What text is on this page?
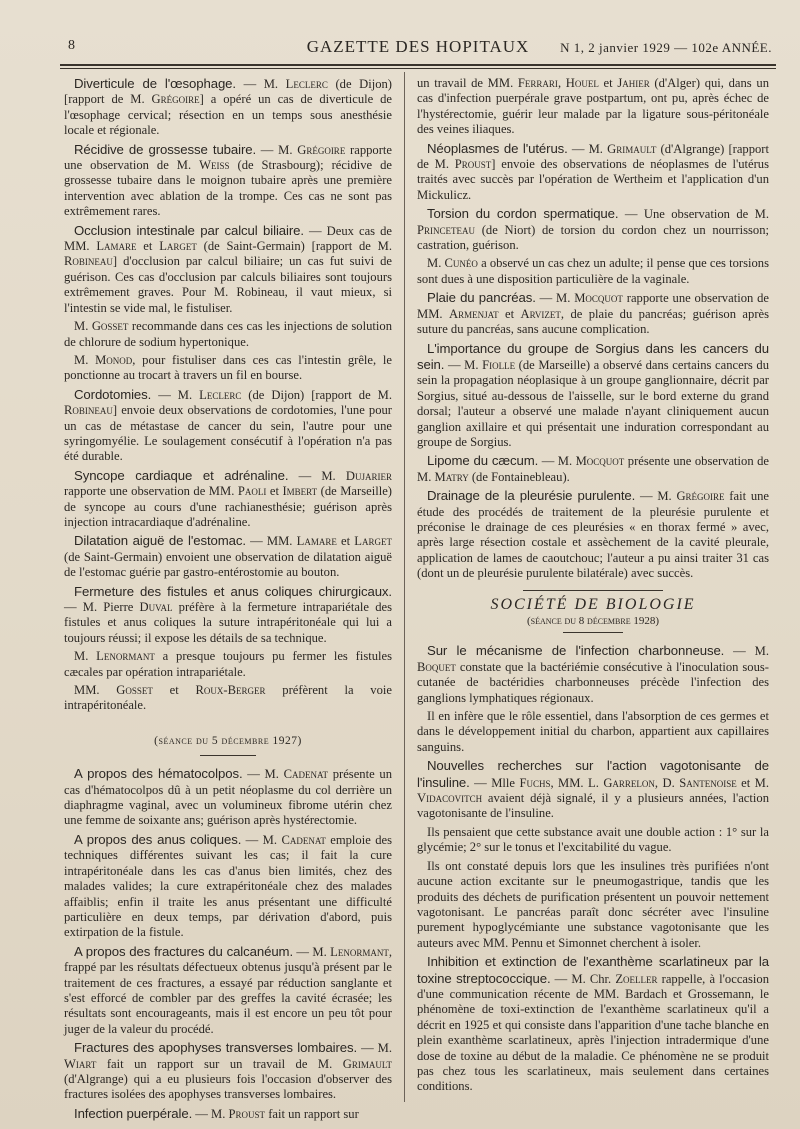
8	GAZETTE DES HOPITAUX	N 1, 2 janvier 1929 — 102e ANNÉE.

Diverticule de l'œsophage. — M. Leclerc (de Dijon) [rapport de M. Grégoire] a opéré un cas de diverticule de l'œsophage cervical; résection en un temps sous anesthésie locale et régionale.

Récidive de grossesse tubaire. — M. Grégoire rapporte une observation de M. Weiss (de Strasbourg); récidive de grossesse tubaire dans le moignon tubaire après une première intervention avec ablation de la trompe. Ces cas ne sont pas extrêmement rares.

Occlusion intestinale par calcul biliaire. — Deux cas de MM. Lamare et Larget (de Saint-Germain) [rapport de M. Robineau] d'occlusion par calcul biliaire; un cas fut suivi de guérison. Ces cas d'occlusion par calculs biliaires sont toujours extrêmement graves. Pour M. Robineau, il vaut mieux, si l'intestin se vide mal, le fistuliser.

M. Gosset recommande dans ces cas les injections de solution de chlorure de sodium hypertonique.

M. Monod, pour fistuliser dans ces cas l'intestin grêle, le ponctionne au trocart à travers un fil en bourse.

Cordotomies. — M. Leclerc (de Dijon) [rapport de M. Robineau] envoie deux observations de cordotomies, l'une pour un cas de métastase de cancer du sein, l'autre pour une syringomyélie. Le soulagement consécutif à l'opération n'a pas été durable.

Syncope cardiaque et adrénaline. — M. Dujarier rapporte une observation de MM. Paoli et Imbert (de Marseille) de syncope au cours d'une rachianesthésie; guérison après injection intracardiaque d'adrénaline.

Dilatation aiguë de l'estomac. — MM. Lamare et Larget (de Saint-Germain) envoient une observation de dilatation aiguë de l'estomac guérie par gastro-entérostomie au bouton.

Fermeture des fistules et anus coliques chirurgicaux. — M. Pierre Duval préfère à la fermeture intrapariétale des fistules et anus coliques la suture intrapéritonéale qui lui a toujours réussi; il expose les détails de sa technique.

M. Lenormant a presque toujours pu fermer les fistules cæcales par opération intrapariétale.

MM. Gosset et Roux-Berger préfèrent la voie intrapéritonéale.

(séance du 5 décembre 1927)

A propos des hématocolpos. — M. Cadenat présente un cas d'hématocolpos dû à un petit néoplasme du col derrière un diaphragme vaginal, avec un volumineux fibrome utérin chez une femme de soixante ans; guérison après hystérectomie.

A propos des anus coliques. — M. Cadenat emploie des techniques différentes suivant les cas; il fait la cure intrapéritonéale dans les cas d'anus bien limités, chez des malades valides; la cure extrapéritonéale chez des malades affaiblis; enfin il traite les anus présentant une difficulté particulière en deux temps, par dérivation d'abord, puis extirpation de la fistule.

A propos des fractures du calcanéum. — M. Lenormant, frappé par les résultats défectueux obtenus jusqu'à présent par le traitement de ces fractures, a essayé par réduction sanglante et s'est efforcé de combler par des greffes la cavité écrasée; les résultats sont encourageants, mais il est encore un peu tôt pour juger de la valeur du procédé.

Fractures des apophyses transverses lombaires. — M. Wiart fait un rapport sur un travail de M. Grimault (d'Algrange) qui a eu plusieurs fois l'occasion d'observer des fractures isolées des apophyses transverses lombaires.

Infection puerpérale. — M. Proust fait un rapport sur

un travail de MM. Ferrari, Houel et Jahier (d'Alger) qui, dans un cas d'infection puerpérale grave postpartum, ont pu, après échec de l'hystérectomie, guérir leur malade par la ligature sous-péritonéale des veines iliaques.

Néoplasmes de l'utérus. — M. Grimault (d'Algrange) [rapport de M. Proust] envoie des observations de néoplasmes de l'utérus traités avec succès par l'opération de Wertheim et l'application d'un Mickulicz.

Torsion du cordon spermatique. — Une observation de M. Princeteau (de Niort) de torsion du cordon chez un nourrisson; castration, guérison.

M. Cunéo a observé un cas chez un adulte; il pense que ces torsions sont dues à une disposition particulière de la vaginale.

Plaie du pancréas. — M. Mocquot rapporte une observation de MM. Armenjat et Arvizet, de plaie du pancréas; guérison après suture du pancréas, sans aucune complication.

L'importance du groupe de Sorgius dans les cancers du sein. — M. Fiolle (de Marseille) a observé dans certains cancers du sein la propagation néoplasique à un groupe ganglionnaire, décrit par Sorgius, situé au-dessous de l'aisselle, sur le bord externe du grand dorsal; l'auteur a observé une malade n'ayant cliniquement aucun ganglion axillaire et qui présentait une induration correspondant au groupe de Sorgius.

Lipome du cæcum. — M. Mocquot présente une observation de M. Matry (de Fontainebleau).

Drainage de la pleurésie purulente. — M. Grégoire fait une étude des procédés de traitement de la pleurésie purulente et préconise le drainage de ces pleurésies « en thorax fermé » avec, après large résection costale et assèchement de la cavité pleurale, application de lames de caoutchouc; l'auteur a pu ainsi traiter 31 cas (dont un de pleurésie purulente bilatérale) avec succès.

SOCIÉTÉ DE BIOLOGIE
(séance du 8 décembre 1928)

Sur le mécanisme de l'infection charbonneuse. — M. Boquet constate que la bactériémie consécutive à l'inoculation sous-cutanée de bactéridies charbonneuses précède l'infection des ganglions lymphatiques régionaux.

Il en infère que le rôle essentiel, dans l'absorption de ces germes et dans le développement initial du charbon, appartient aux capillaires sanguins.

Nouvelles recherches sur l'action vagotonisante de l'insuline. — Mlle Fuchs, MM. L. Garrelon, D. Santenoise et M. Vidacovitch avaient déjà signalé, il y a plusieurs années, l'action vagotonisante de l'insuline.

Ils pensaient que cette substance avait une double action : 1° sur la glycémie; 2° sur le tonus et l'excitabilité du vague.

Ils ont constaté depuis lors que les insulines très purifiées n'ont aucune action excitante sur le pneumogastrique, tandis que les produits des déchets de purification présentent un pouvoir nettement vagotonisant. Le pancréas paraît donc sécréter avec l'insuline purement hypoglycémiante une substance vagotonisante que les auteurs avec MM. Pennu et Simonnet cherchent à isoler.

Inhibition et extinction de l'exanthème scarlatineux par la toxine streptococcique. — M. Chr. Zoeller rappelle, à l'occasion d'une communication récente de MM. Bardach et Grossemann, le phénomène de toxi-extinction de l'exanthème scarlatineux qu'il a décrit en 1925 et qui consiste dans l'apparition d'une tache blanche en plein exanthème scarlatineux, après l'injection intradermique d'une dose de toxine au début de la maladie. Ce phénomène ne se produit pas chez tous les scarlatineux, mais seulement dans certaines conditions.
